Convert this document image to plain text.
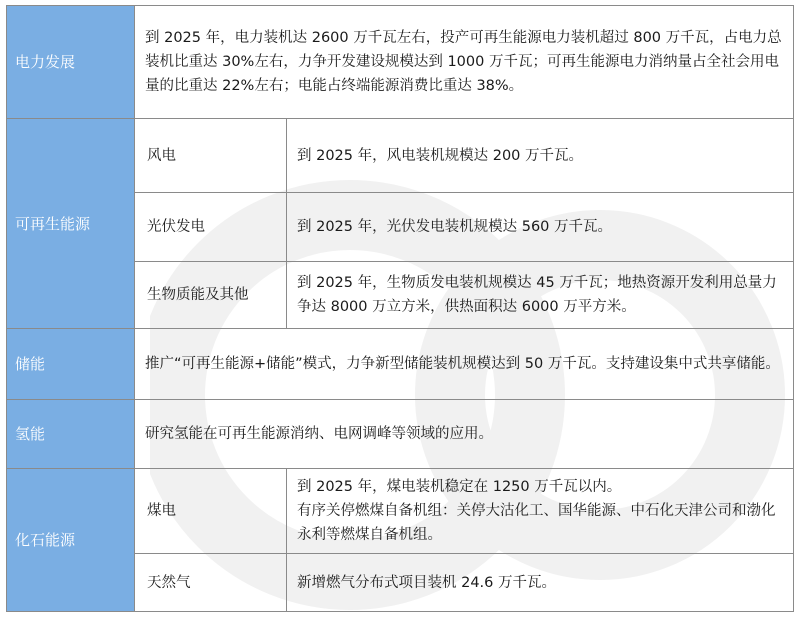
电力发展	到 2025 年，电力装机达 2600 万千瓦左右，投产可再生能源电力装机超过 800 万千瓦，占电力总装机比重达 30%左右，力争开发建设规模达到 1000 万千瓦；可再生能源电力消纳量占全社会用电量的比重达 22%左右；电能占终端能源消费比重达 38%。	
可再生能源	风电	到 2025 年，风电装机规模达 200 万千瓦。
	光伏发电	到 2025 年，光伏发电装机规模达 560 万千瓦。
	生物质能及其他	到 2025 年，生物质发电装机规模达 45 万千瓦；地热资源开发利用总量力争达 8000 万立方米，供热面积达 6000 万平方米。
储能	推广“可再生能源+储能”模式，力争新型储能装机规模达到 50 万千瓦。支持建设集中式共享储能。	
氢能	研究氢能在可再生能源消纳、电网调峰等领域的应用。	
化石能源	煤电	到 2025 年，煤电装机稳定在 1250 万千瓦以内。
有序关停燃煤自备机组：关停大沽化工、国华能源、中石化天津公司和渤化永利等燃煤自备机组。

	天然气	新增燃气分布式项目装机 24.6 万千瓦。
